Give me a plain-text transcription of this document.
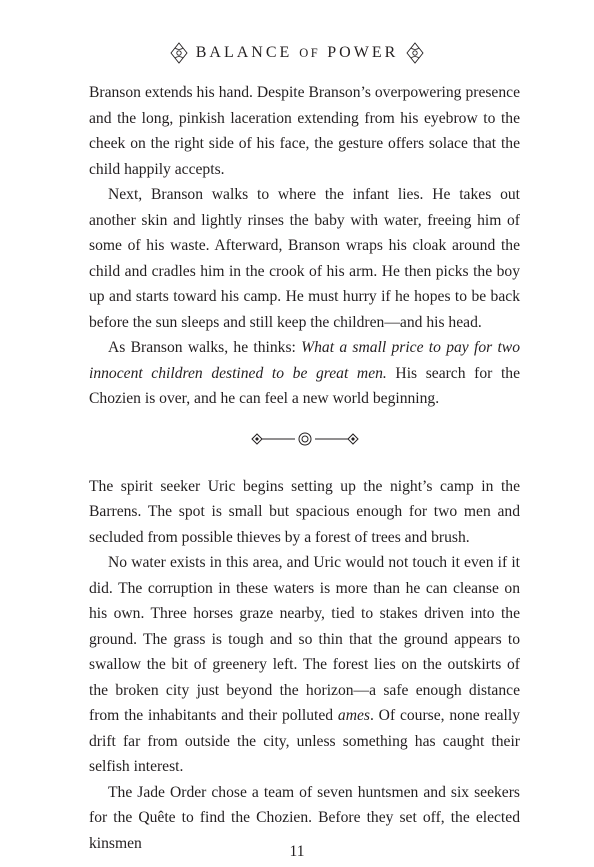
BALANCE OF POWER

Branson extends his hand. Despite Branson’s overpowering presence and the long, pinkish laceration extending from his eyebrow to the cheek on the right side of his face, the gesture offers solace that the child happily accepts.

Next, Branson walks to where the infant lies. He takes out another skin and lightly rinses the baby with water, freeing him of some of his waste. Afterward, Branson wraps his cloak around the child and cradles him in the crook of his arm. He then picks the boy up and starts toward his camp. He must hurry if he hopes to be back before the sun sleeps and still keep the children—and his head.

As Branson walks, he thinks: What a small price to pay for two innocent children destined to be great men. His search for the Chozien is over, and he can feel a new world beginning.

The spirit seeker Uric begins setting up the night’s camp in the Barrens. The spot is small but spacious enough for two men and secluded from possible thieves by a forest of trees and brush.

No water exists in this area, and Uric would not touch it even if it did. The corruption in these waters is more than he can cleanse on his own. Three horses graze nearby, tied to stakes driven into the ground. The grass is tough and so thin that the ground appears to swallow the bit of greenery left. The forest lies on the outskirts of the broken city just beyond the horizon—a safe enough distance from the inhabitants and their polluted ames. Of course, none really drift far from outside the city, unless something has caught their selfish interest.

The Jade Order chose a team of seven huntsmen and six seekers for the Quête to find the Chozien. Before they set off, the elected kinsmen	11
